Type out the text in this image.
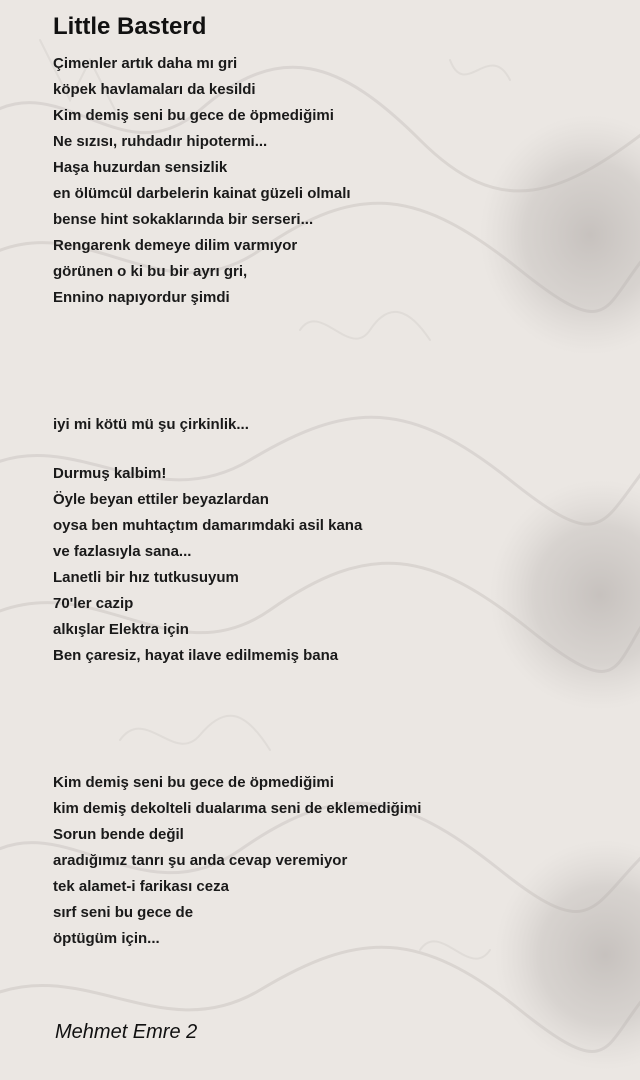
Little Basterd
Çimenler artık daha mı gri
köpek havlamaları da kesildi
Kim demiş seni bu gece de öpmediğimi
Ne sızısı, ruhdadır hipotermi...
Haşa huzurdan sensizlik
en ölümcül darbelerin kainat güzeli olmalı
bense hint sokaklarında bir serseri...
Rengarenk demeye dilim varmıyor
görünen o ki bu bir ayrı gri,
Ennino napıyordur şimdi
iyi mi kötü mü şu çirkinlik...
Durmuş kalbim!
Öyle beyan ettiler beyazlardan
oysa ben muhtaçtım damarımdaki asil kana
ve fazlasıyla sana...
Lanetli bir hız tutkusuyum
70'ler cazip
alkışlar Elektra için
Ben çaresiz, hayat ilave edilmemiş bana
Kim demiş seni bu gece de öpmediğimi
kim demiş dekolteli dualarıma seni de eklemediğimi
Sorun bende değil
aradığımız tanrı şu anda cevap veremiyor
tek alamet-i farikası ceza
sırf seni bu gece de
öptügüm için...
Mehmet Emre 2
